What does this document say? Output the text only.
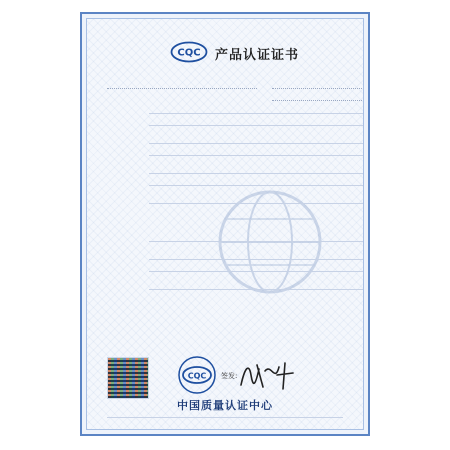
CQC 产品认证证书
CQC 签发:
中国质量认证中心
